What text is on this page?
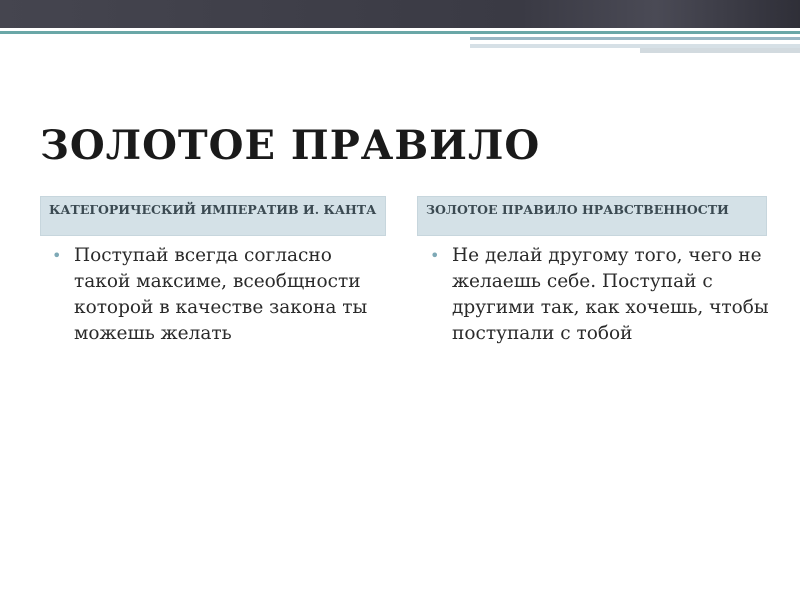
ЗОЛОТОЕ ПРАВИЛО
КАТЕГОРИЧЕСКИЙ ИМПЕРАТИВ И. КАНТА	ЗОЛОТОЕ ПРАВИЛО НРАВСТВЕННОСТИ
• Поступай всегда согласно такой максиме, всеобщности которой в качестве закона ты можешь желать
• Не делай другому того, чего не желаешь себе. Поступай с другими так, как хочешь, чтобы поступали с тобой
